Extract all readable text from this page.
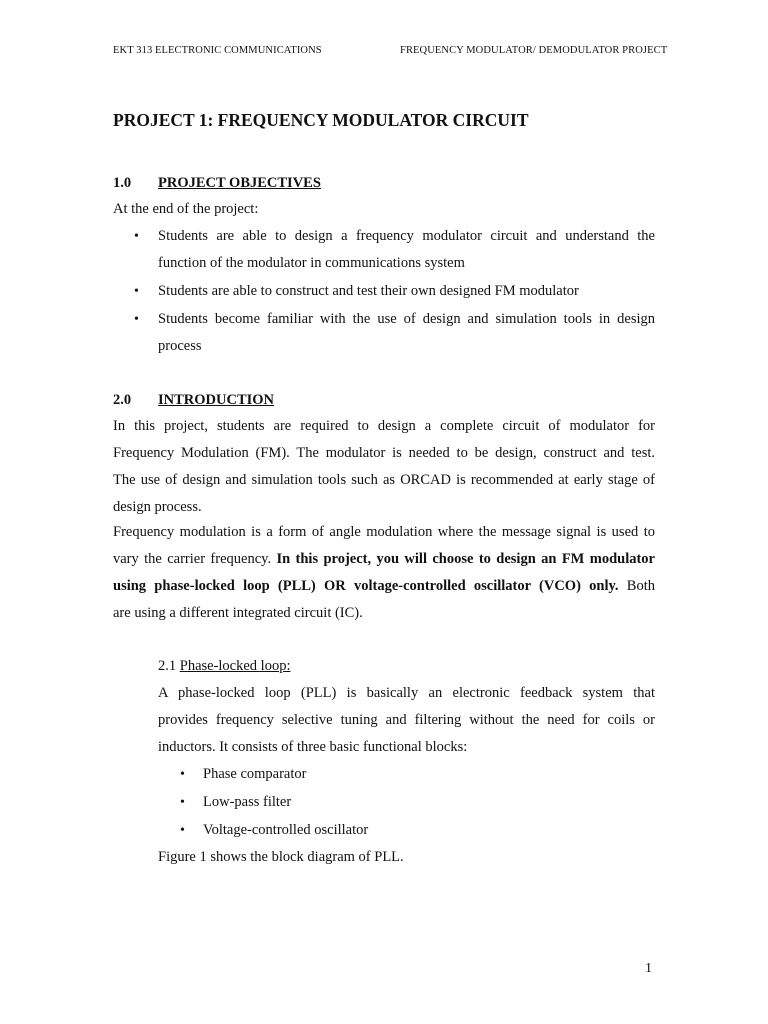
EKT 313 ELECTRONIC COMMUNICATIONS	FREQUENCY MODULATOR/ DEMODULATOR PROJECT
PROJECT 1: FREQUENCY MODULATOR CIRCUIT
1.0 PROJECT OBJECTIVES
At the end of the project:
• Students are able to design a frequency modulator circuit and understand the
function of the modulator in communications system
• Students are able to construct and test their own designed FM modulator
• Students become familiar with the use of design and simulation tools in design
process
2.0 INTRODUCTION
In this project, students are required to design a complete circuit of modulator for
Frequency Modulation (FM). The modulator is needed to be design, construct and test.
The use of design and simulation tools such as ORCAD is recommended at early stage of
design process.
Frequency modulation is a form of angle modulation where the message signal is used to
vary the carrier frequency. In this project, you will choose to design an FM modulator
using phase-locked loop (PLL) OR voltage-controlled oscillator (VCO) only. Both
are using a different integrated circuit (IC).
2.1 Phase-locked loop:
A phase-locked loop (PLL) is basically an electronic feedback system that
provides frequency selective tuning and filtering without the need for coils or
inductors. It consists of three basic functional blocks:
• Phase comparator
• Low-pass filter
• Voltage-controlled oscillator
Figure 1 shows the block diagram of PLL.
1
